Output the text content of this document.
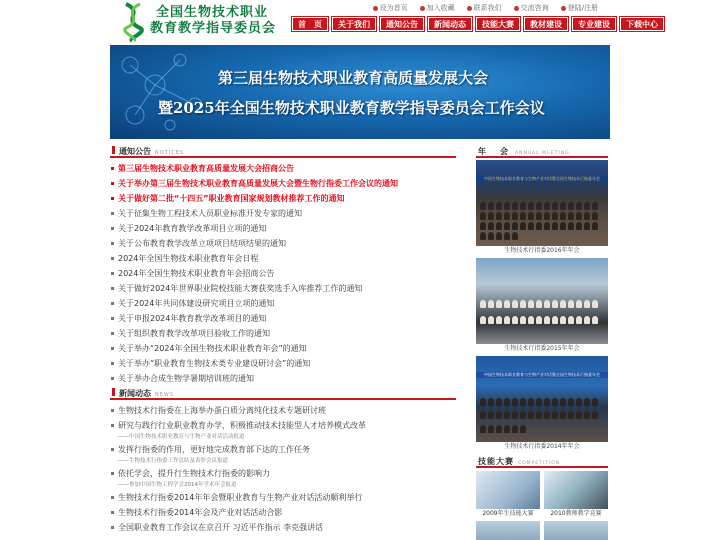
全国生物技术职业
教育教学指导委员会
设为首页	加入收藏	联系我们	交流咨询	登陆/注册
首　页	关于我们	通知公告	新闻动态	技能大赛	教材建设	专业建设	下载中心
第三届生物技术职业教育高质量发展大会
暨2025年全国生物技术职业教育教学指导委员会工作会议
通知公告 NOTICES
第三届生物技术职业教育高质量发展大会招商公告
关于举办第三届生物技术职业教育高质量发展大会暨生物行指委工作会议的通知
关于做好第二批“十四五”职业教育国家规划教材推荐工作的通知
关于征集生物工程技术人员职业标准开发专家的通知
关于2024年教育教学改革项目立项的通知
关于公布教育教学改革立项项目结项结果的通知
2024年全国生物技术职业教育年会日程
2024年全国生物技术职业教育年会招商公告
关于做好2024年世界职业院校技能大赛获奖选手入库推荐工作的通知
关于2024年共同体建设研究项目立项的通知
关于申报2024年教育教学改革项目的通知
关于组织教育教学改革项目验收工作的通知
关于举办“2024年全国生物技术职业教育年会”的通知
关于举办“职业教育生物技术类专业建设研讨会”的通知
关于举办合成生物学暑期培训班的通知
新闻动态 NEWS
生物技术行指委在上海举办蛋白质分离纯化技术专题研讨班
研究与践行行业职业教育办学，积极推动技术技能型人才培养模式改革
——中国生物技术职业教育与生物产业对话活动报道
发挥行指委的作用，更好地完成教育部下达的工作任务
——生物技术行指委工作总结及表彰会议报道
依托学会，提升行生物技术行指委的影响力
——参加中国生物工程学会2014年学术年会报道
生物技术行指委2014年年会暨职业教育与生物产业对话活动顺利举行
生物技术行指委2014年会及产业对话活动合影
全国职业教育工作会议在京召开 习近平作指示 李克强讲话
年　会 ANNUAL MEETING
中国生物技术职业教育与生物产业对话暨全国生物技术行指委年会
生物技术行指委2016年年会
生物技术行指委2015年年会
中国生物技术职业教育与生物产业对话暨全国生物技术行指委年会
生物技术行指委2014年年会
技能大赛 COMPETITION
2009年生技能大赛	2010教师教学竞赛
